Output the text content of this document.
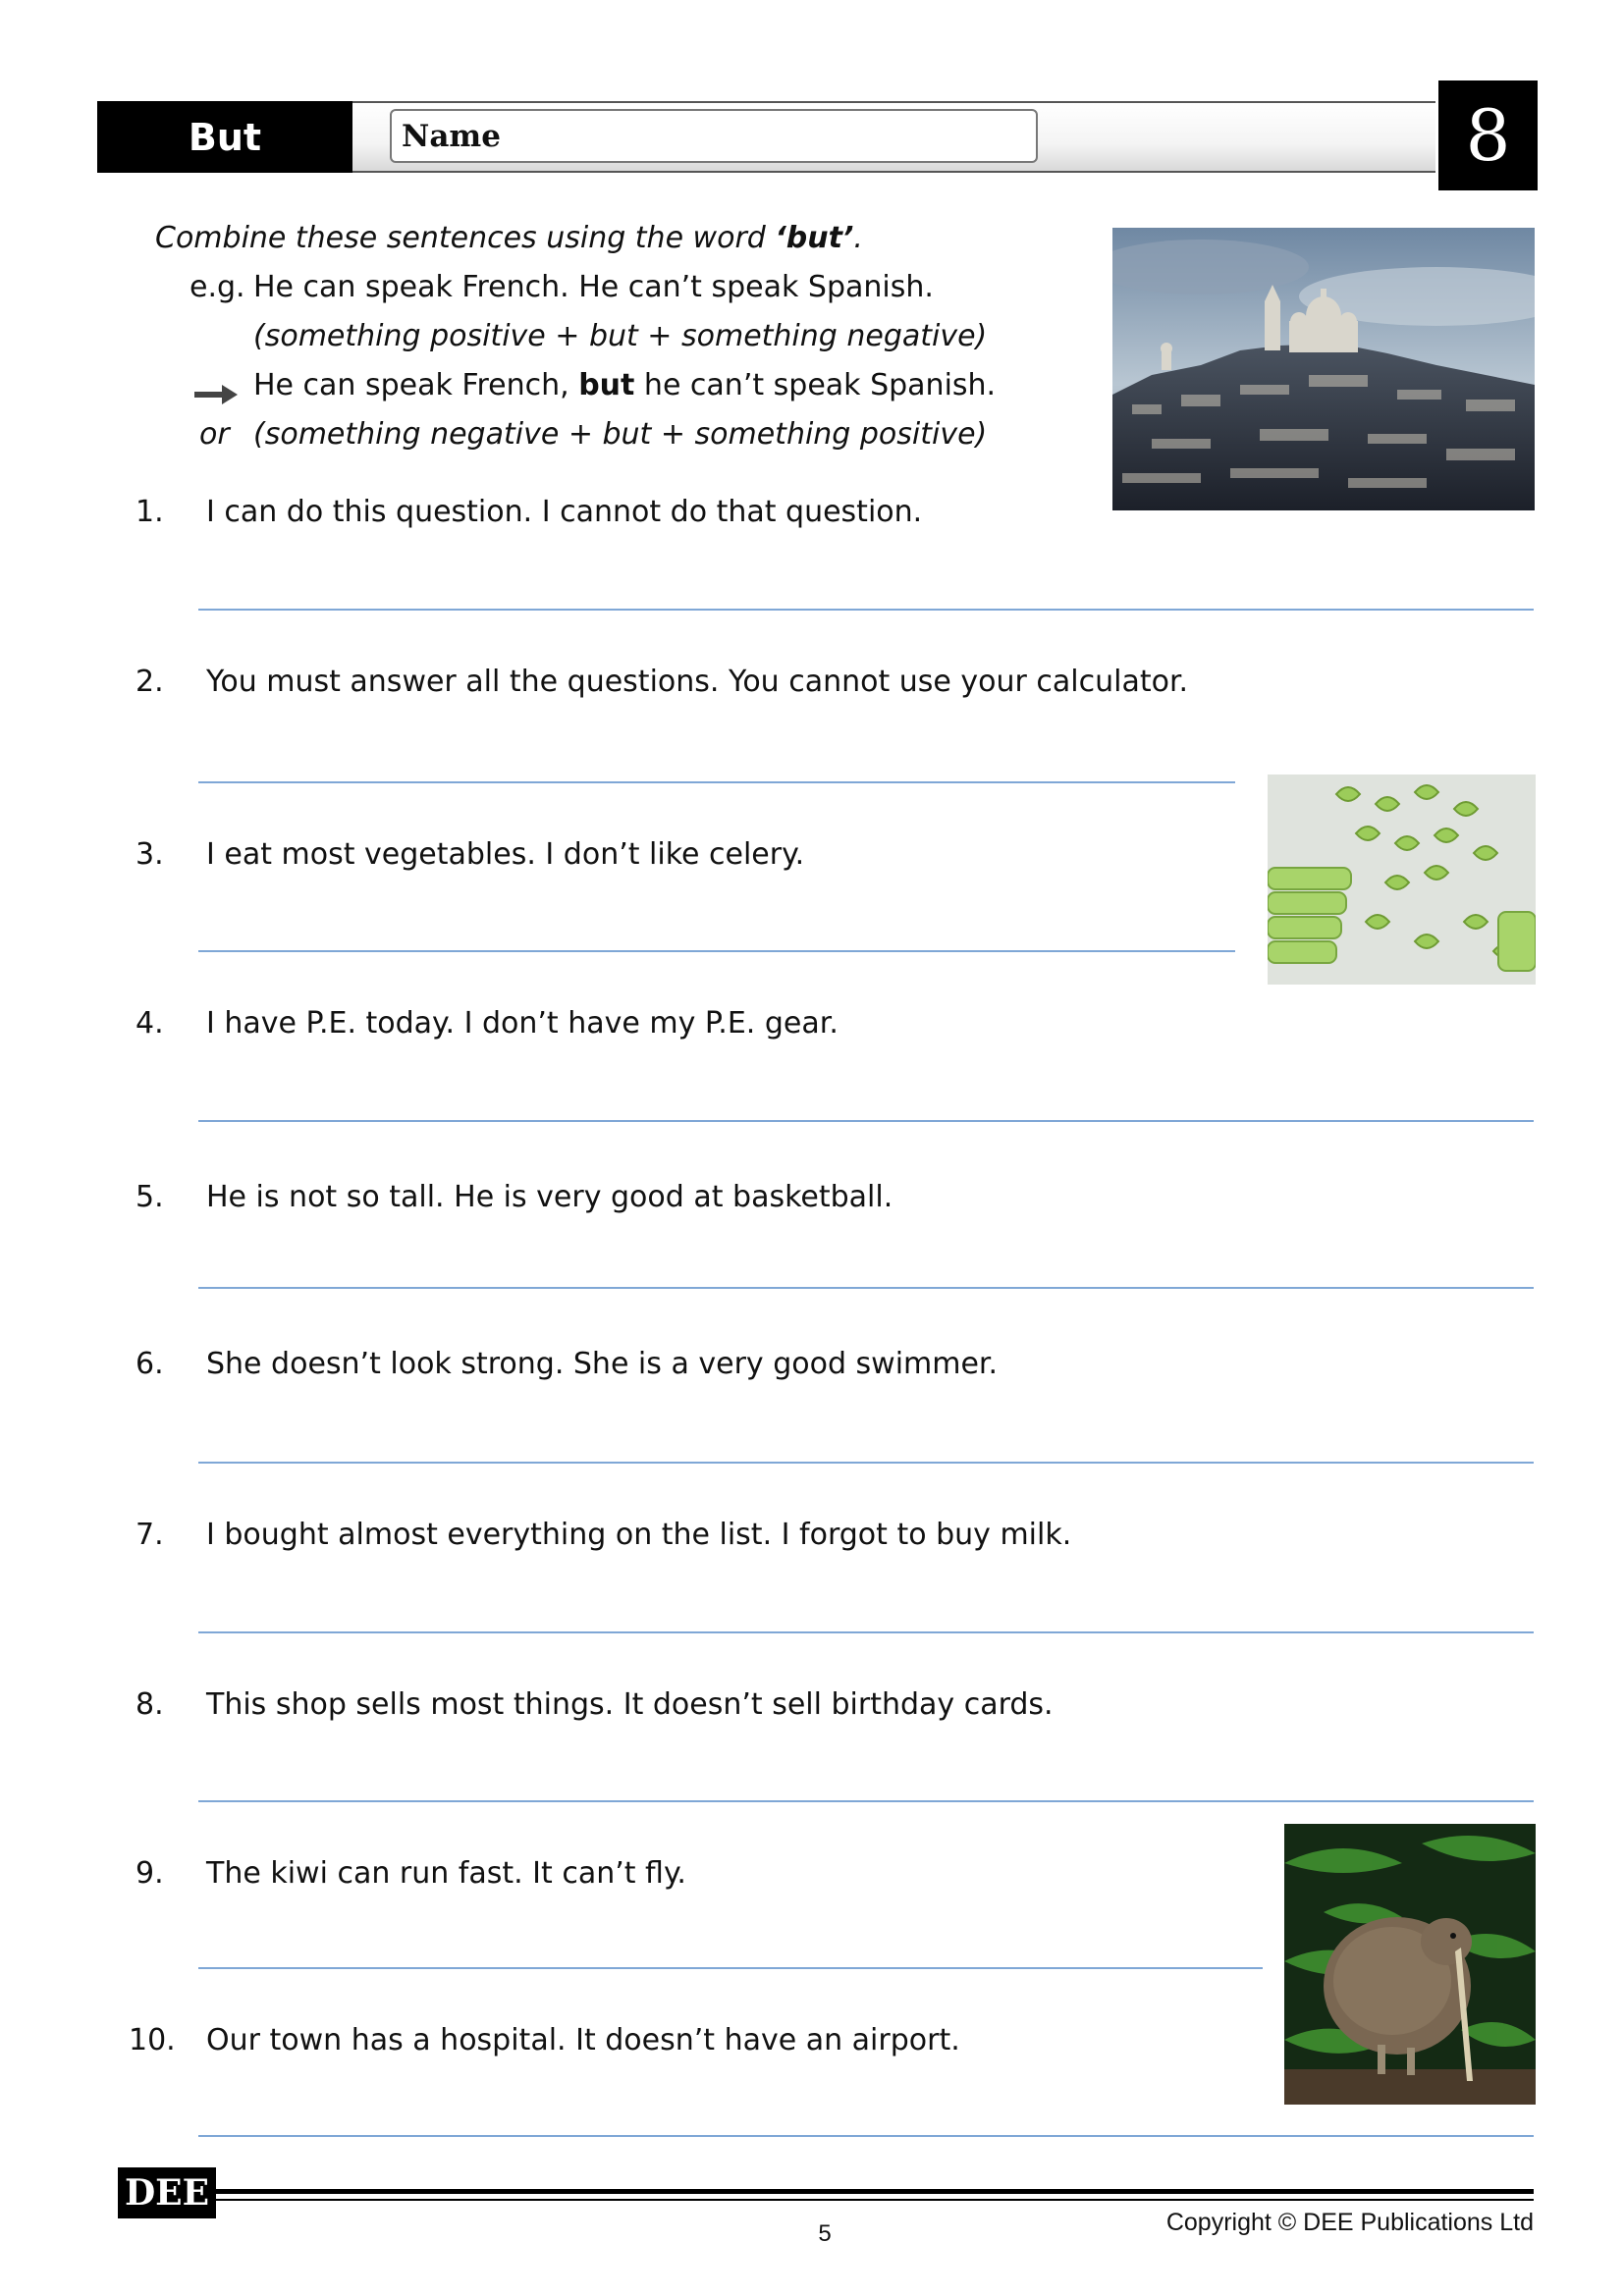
But	Name	8
Combine these sentences using the word ‘but’.
e.g. He can speak French. He can’t speak Spanish.
(something positive + but + something negative)
He can speak French, but he can’t speak Spanish.
or (something negative + but + something positive)
1. I can do this question. I cannot do that question.
2. You must answer all the questions. You cannot use your calculator.
3. I eat most vegetables. I don’t like celery.
4. I have P.E. today. I don’t have my P.E. gear.
5. He is not so tall. He is very good at basketball.
6. She doesn’t look strong. She is a very good swimmer.
7. I bought almost everything on the list. I forgot to buy milk.
8. This shop sells most things. It doesn’t sell birthday cards.
9. The kiwi can run fast. It can’t fly.
10. Our town has a hospital. It doesn’t have an airport.
DEE
Copyright © DEE Publications Ltd
5
